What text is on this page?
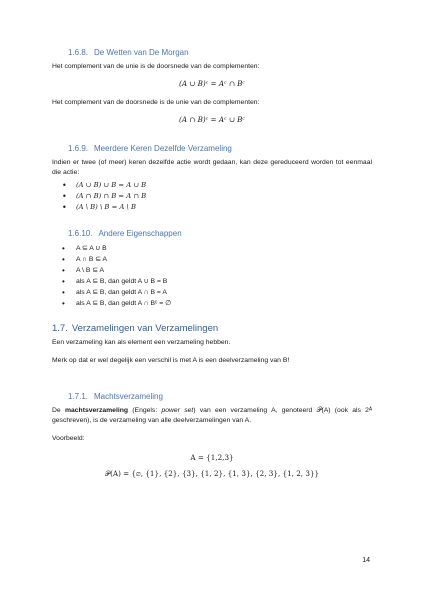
1.6.8. De Wetten van De Morgan

Het complement van de unie is de doorsnede van de complementen:

(A ∪ B)ᶜ = Aᶜ ∩ Bᶜ

Het complement van de doorsnede is de unie van de complementen:

(A ∩ B)ᶜ = Aᶜ ∪ Bᶜ
1.6.9. Meerdere Keren Dezelfde Verzameling

Indien er twee (of meer) keren dezelfde actie wordt gedaan, kan deze gereduceerd worden tot eenmaal die actie:

• (A ∪ B) ∪ B = A ∪ B
• (A ∩ B) ∩ B = A ∩ B
• (A \ B) \ B = A \ B
1.6.10. Andere Eigenschappen
• A ⊆ A ∪ B
• A ∩ B ⊆ A
• A \ B ⊆ A
• als A ⊆ B, dan geldt A ∪ B = B
• als A ⊆ B, dan geldt A ∩ B = A
• als A ⊆ B, dan geldt A ∩ Bᶜ = ∅
1.7. Verzamelingen van Verzamelingen

Een verzameling kan als element een verzameling hebben.

Merk op dat er wel degelijk een verschil is met A is een deelverzameling van B!

1.7.1. Machtsverzameling

De machtsverzameling (Engels: power set) van een verzameling A, genoteerd 𝒫(A) (ook als 2ᴬ geschreven), is de verzameling van alle deelverzamelingen van A.

Voorbeeld:

A = {1,2,3}
𝒫(A) = {∅, {1}, {2}, {3}, {1, 2}, {1, 3}, {2, 3}, {1, 2, 3}}
14
